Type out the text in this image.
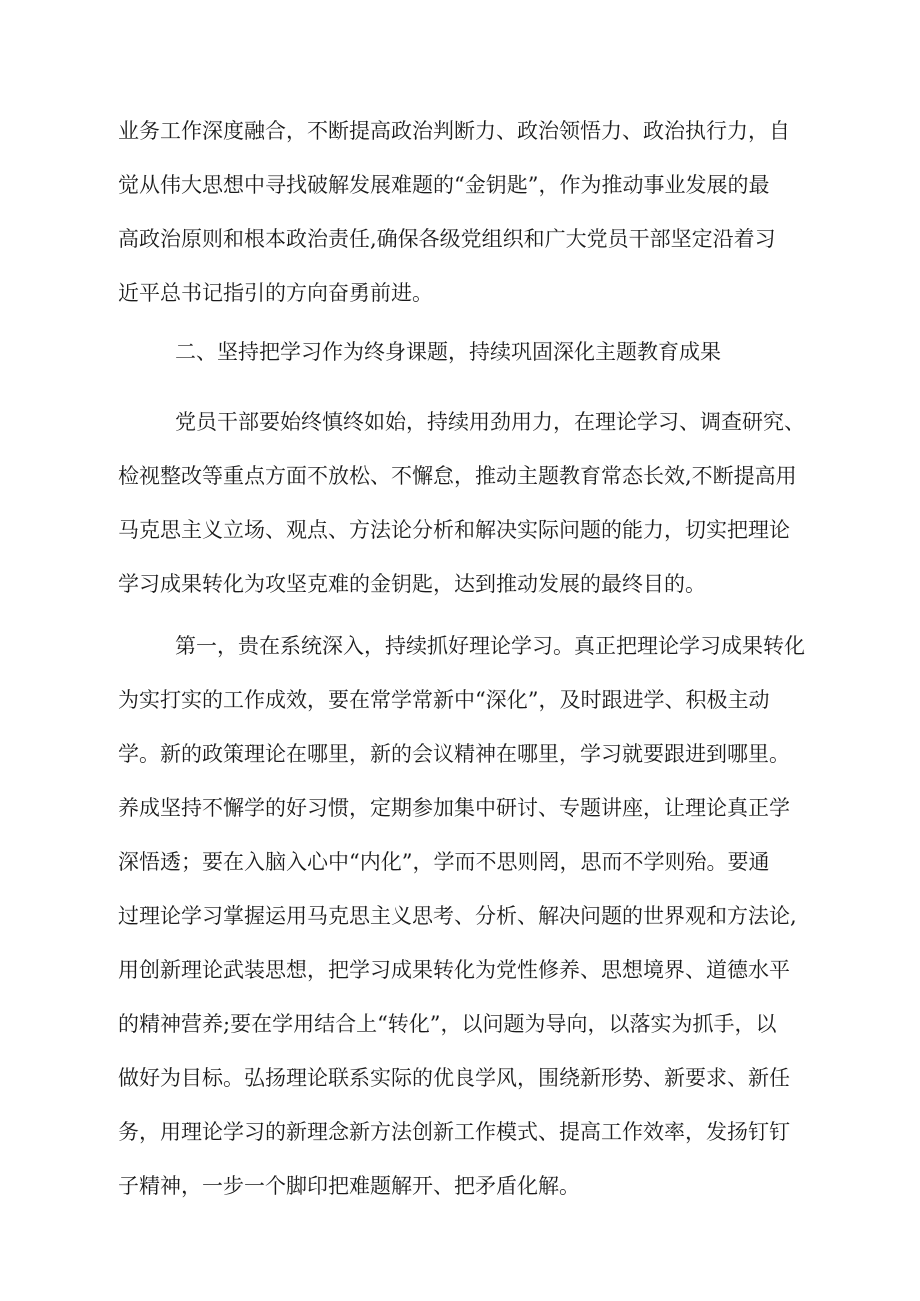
业务工作深度融合，不断提高政治判断力、政治领悟力、政治执行力，自

觉从伟大思想中寻找破解发展难题的“金钥匙”，作为推动事业发展的最

高政治原则和根本政治责任,确保各级党组织和广大党员干部坚定沿着习

近平总书记指引的方向奋勇前进。

二、坚持把学习作为终身课题，持续巩固深化主题教育成果

党员干部要始终慎终如始，持续用劲用力，在理论学习、调查研究、

检视整改等重点方面不放松、不懈怠，推动主题教育常态长效,不断提高用

马克思主义立场、观点、方法论分析和解决实际问题的能力，切实把理论

学习成果转化为攻坚克难的金钥匙，达到推动发展的最终目的。

第一，贵在系统深入，持续抓好理论学习。真正把理论学习成果转化

为实打实的工作成效，要在常学常新中“深化”，及时跟进学、积极主动

学。新的政策理论在哪里，新的会议精神在哪里，学习就要跟进到哪里。

养成坚持不懈学的好习惯，定期参加集中研讨、专题讲座，让理论真正学

深悟透；要在入脑入心中“内化”，学而不思则罔，思而不学则殆。要通

过理论学习掌握运用马克思主义思考、分析、解决问题的世界观和方法论,

用创新理论武装思想，把学习成果转化为党性修养、思想境界、道德水平

的精神营养;要在学用结合上“转化”，以问题为导向，以落实为抓手，以

做好为目标。弘扬理论联系实际的优良学风，围绕新形势、新要求、新任

务，用理论学习的新理念新方法创新工作模式、提高工作效率，发扬钉钉

子精神，一步一个脚印把难题解开、把矛盾化解。
